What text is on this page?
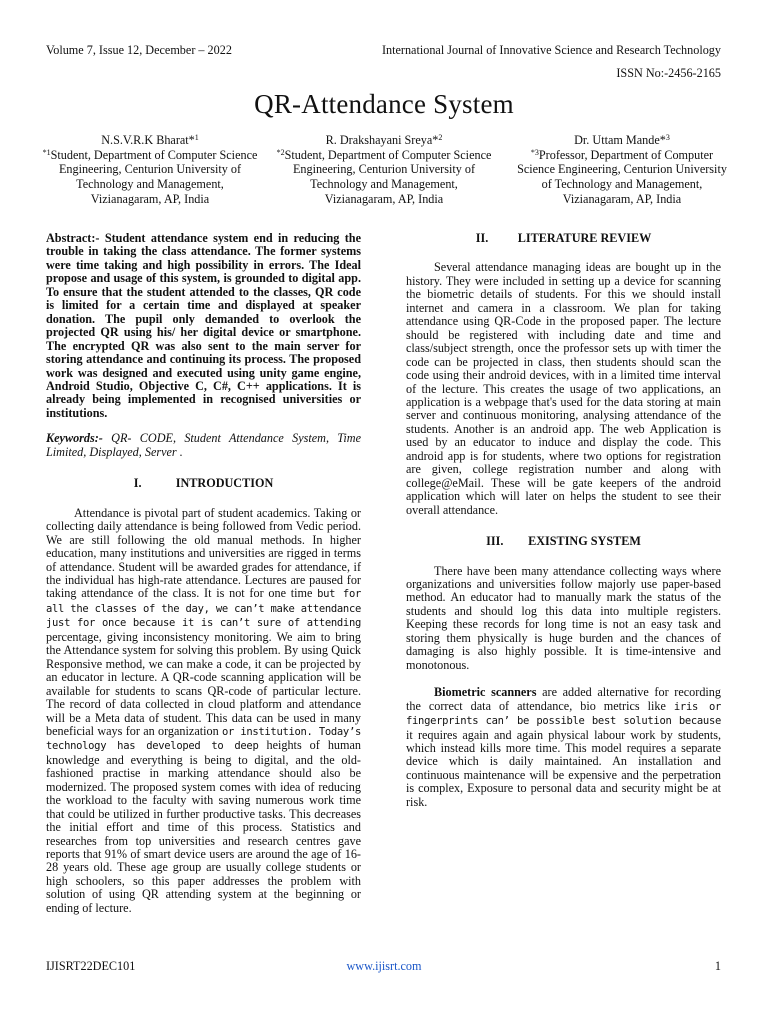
Volume 7, Issue 12, December – 2022	International Journal of Innovative Science and Research Technology
ISSN No:-2456-2165
QR-Attendance System
N.S.V.R.K Bharat*$^1$
$^{*1}$Student, Department of Computer Science Engineering, Centurion University of Technology and Management, Vizianagaram, AP, India
R. Drakshayani Sreya*$^2$
$^{*2}$Student, Department of Computer Science Engineering, Centurion University of Technology and Management, Vizianagaram, AP, India
Dr. Uttam Mande*$^3$
$^{*3}$Professor, Department of Computer Science Engineering, Centurion University of Technology and Management, Vizianagaram, AP, India

Abstract:- Student attendance system end in reducing the trouble in taking the class attendance. The former systems were time taking and high possibility in errors. The Ideal propose and usage of this system, is grounded to digital app. To ensure that the student attended to the classes, QR code is limited for a certain time and displayed at speaker donation. The pupil only demanded to overlook the projected QR using his/ her digital device or smartphone. The encrypted QR was also sent to the main server for storing attendance and continuing its process. The proposed work was designed and executed using unity game engine, Android Studio, Objective C, C#, C++ applications. It is already being implemented in recognised universities or institutions.

Keywords:- QR- CODE, Student Attendance System, Time Limited, Displayed, Server .

I.	INTRODUCTION

Attendance is pivotal part of student academics. Taking or collecting daily attendance is being followed from Vedic period. We are still following the old manual methods. In higher education, many institutions and universities are rigged in terms of attendance. Student will be awarded grades for attendance, if the individual has high-rate attendance. Lectures are paused for taking attendance of the class. It is not for one time but for all the classes of the day, we can’t make attendance just for once because it is can’t sure of attending percentage, giving inconsistency monitoring. We aim to bring the Attendance system for solving this problem. By using Quick Responsive method, we can make a code, it can be projected by an educator in lecture. A QR-code scanning application will be available for students to scans QR-code of particular lecture. The record of data collected in cloud platform and attendance will be a Meta data of student. This data can be used in many beneficial ways for an organization or institution. Today’s technology has developed to deep heights of human knowledge and everything is being to digital, and the old-fashioned practise in marking attendance should also be modernized. The proposed system comes with idea of reducing the workload to the faculty with saving numerous work time that could be utilized in further productive tasks. This decreases the initial effort and time of this process. Statistics and researches from top universities and research centres gave reports that 91% of smart device users are around the age of 16-28 years old. These age group are usually college students or high schoolers, so this paper addresses the problem with solution of using QR attending system at the beginning or ending of lecture.

II. LITERATURE REVIEW

Several attendance managing ideas are bought up in the history. They were included in setting up a device for scanning the biometric details of students. For this we should install internet and camera in a classroom. We plan for taking attendance using QR-Code in the proposed paper. The lecture should be registered with including date and time and class/subject strength, once the professor sets up with timer the code can be projected in class, then students should scan the code using their android devices, with in a limited time interval of the lecture. This creates the usage of two applications, an application is a webpage that's used for the data storing at main server and continuous monitoring, analysing attendance of the students. Another is an android app. The web Application is used by an educator to induce and display the code. This android app is for students, where two options for registration are given, college registration number and along with college@eMail. These will be gate keepers of the android application which will later on helps the student to see their overall attendance.

III. EXISTING SYSTEM

There have been many attendance collecting ways where organizations and universities follow majorly use paper-based method. An educator had to manually mark the status of the students and should log this data into multiple registers. Keeping these records for long time is not an easy task and storing them physically is huge burden and the chances of damaging is also highly possible. It is time-intensive and monotonous.

Biometric scanners are added alternative for recording the correct data of attendance, bio metrics like iris or fingerprints can’ be possible best solution because it requires again and again physical labour work by students, which instead kills more time. This model requires a separate device which is daily maintained. An installation and continuous maintenance will be expensive and the perpetration is complex, Exposure to personal data and security might be at risk.

IJISRT22DEC101	www.ijisrt.com	1
